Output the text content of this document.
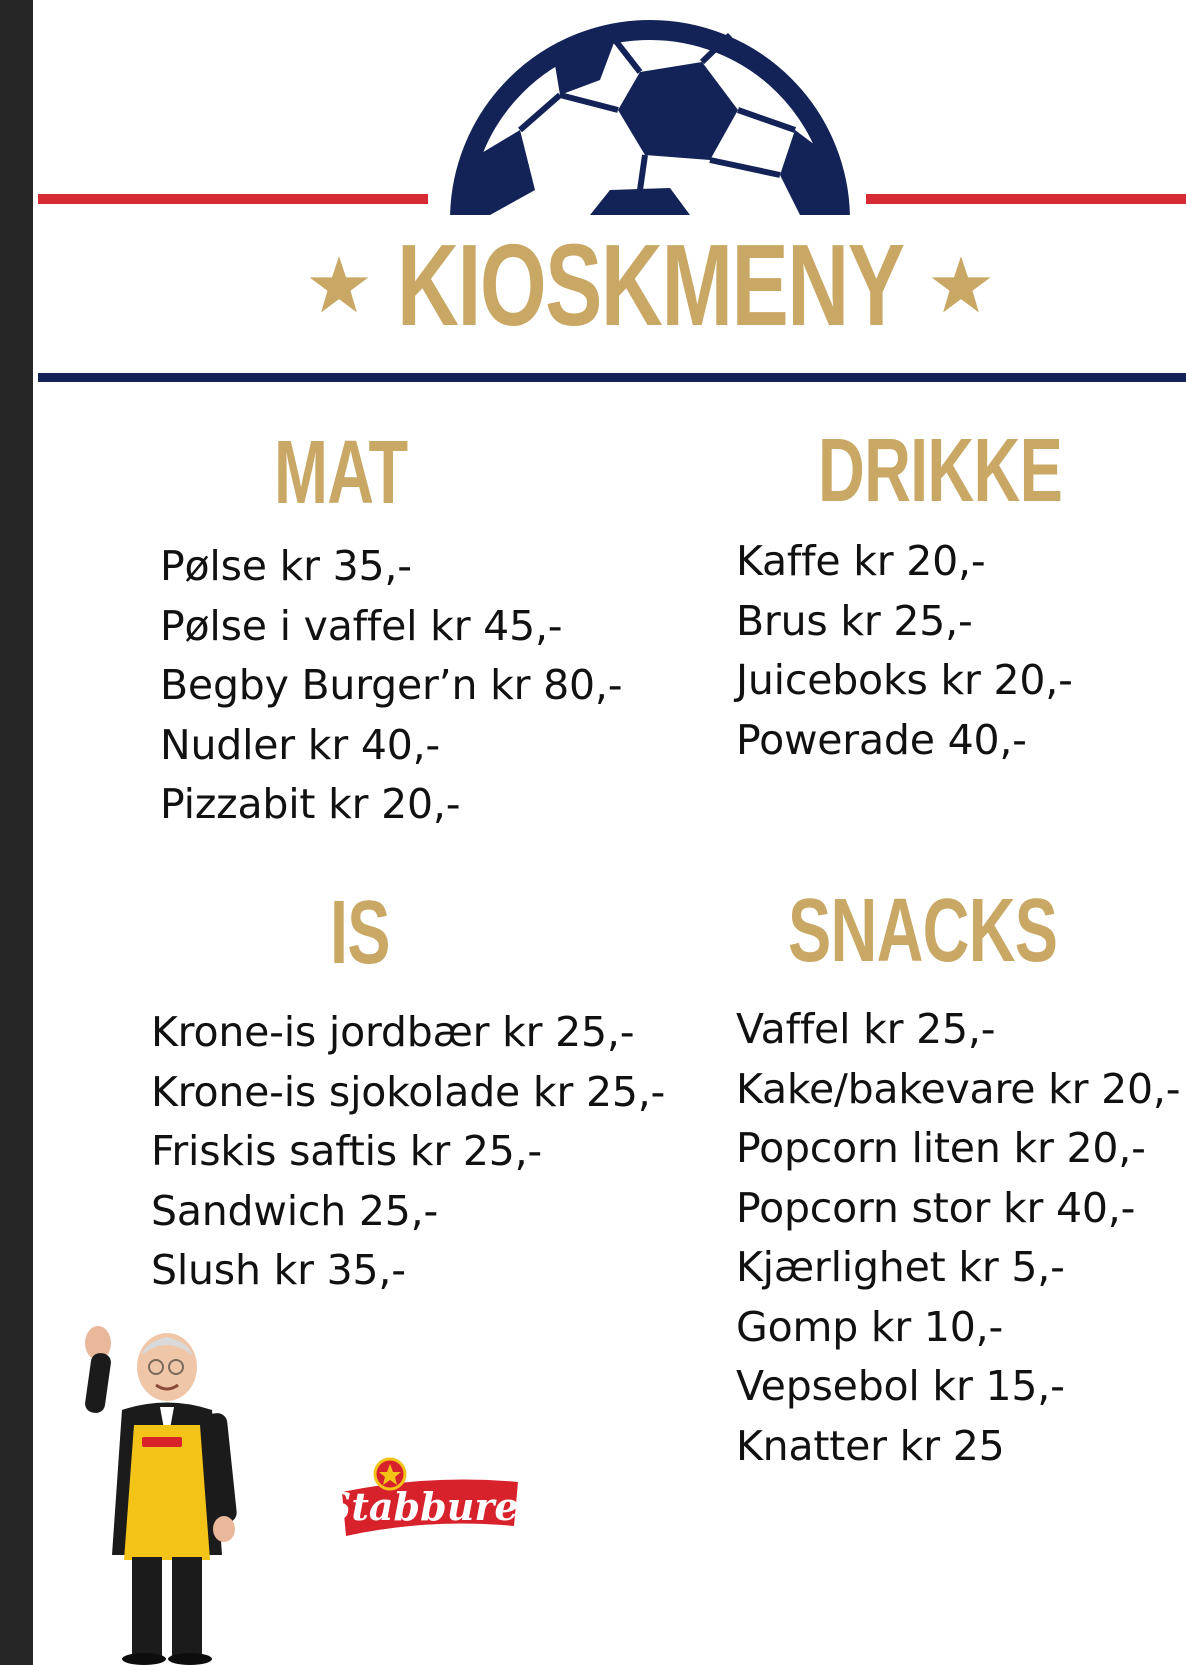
KIOSKMENY
MAT
Pølse kr 35,-
Pølse i vaffel kr 45,-
Begby Burger’n kr 80,-
Nudler kr 40,-
Pizzabit kr 20,-
DRIKKE
Kaffe kr 20,-
Brus kr 25,-
Juiceboks kr 20,-
Powerade 40,-
IS
Krone-is jordbær kr 25,-
Krone-is sjokolade kr 25,-
Friskis saftis kr 25,-
Sandwich 25,-
Slush kr 35,-
SNACKS
Vaffel kr 25,-
Kake/bakevare kr 20,-
Popcorn liten kr 20,-
Popcorn stor kr 40,-
Kjærlighet kr 5,-
Gomp kr 10,-
Vepsebol kr 15,-
Knatter kr 25
Stabburet
